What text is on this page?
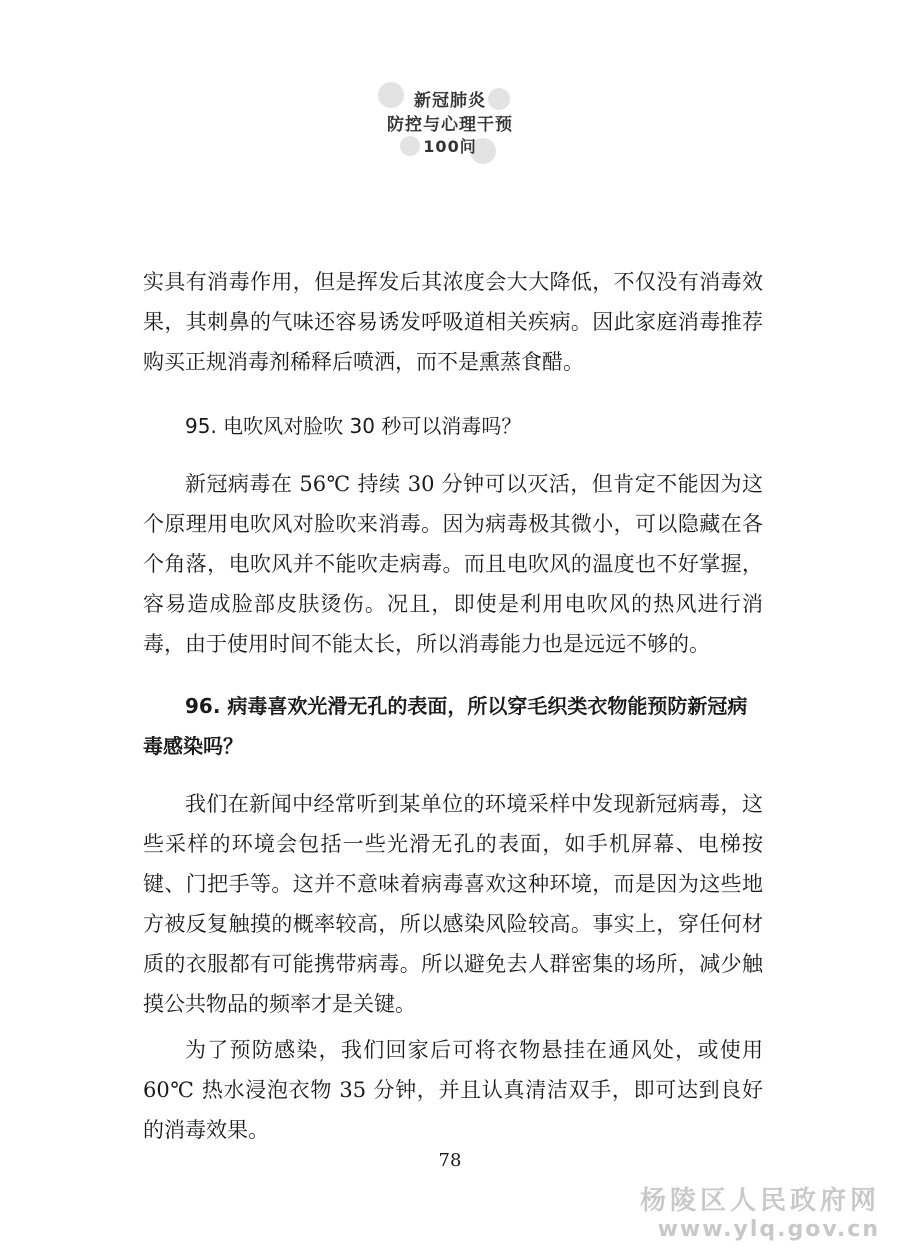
新冠肺炎
防控与心理干预
100问

实具有消毒作用，但是挥发后其浓度会大大降低，不仅没有消毒效果，其刺鼻的气味还容易诱发呼吸道相关疾病。因此家庭消毒推荐购买正规消毒剂稀释后喷洒，而不是熏蒸食醋。

95. 电吹风对脸吹 30 秒可以消毒吗？

新冠病毒在 56℃ 持续 30 分钟可以灭活，但肯定不能因为这个原理用电吹风对脸吹来消毒。因为病毒极其微小，可以隐藏在各个角落，电吹风并不能吹走病毒。而且电吹风的温度也不好掌握，容易造成脸部皮肤烫伤。况且，即使是利用电吹风的热风进行消毒，由于使用时间不能太长，所以消毒能力也是远远不够的。

96. 病毒喜欢光滑无孔的表面，所以穿毛织类衣物能预防新冠病毒感染吗？

我们在新闻中经常听到某单位的环境采样中发现新冠病毒，这些采样的环境会包括一些光滑无孔的表面，如手机屏幕、电梯按键、门把手等。这并不意味着病毒喜欢这种环境，而是因为这些地方被反复触摸的概率较高，所以感染风险较高。事实上，穿任何材质的衣服都有可能携带病毒。所以避免去人群密集的场所，减少触摸公共物品的频率才是关键。

为了预防感染，我们回家后可将衣物悬挂在通风处，或使用 60℃ 热水浸泡衣物 35 分钟，并且认真清洁双手，即可达到良好的消毒效果。

78
杨陵区人民政府网
www.ylq.gov.cn
